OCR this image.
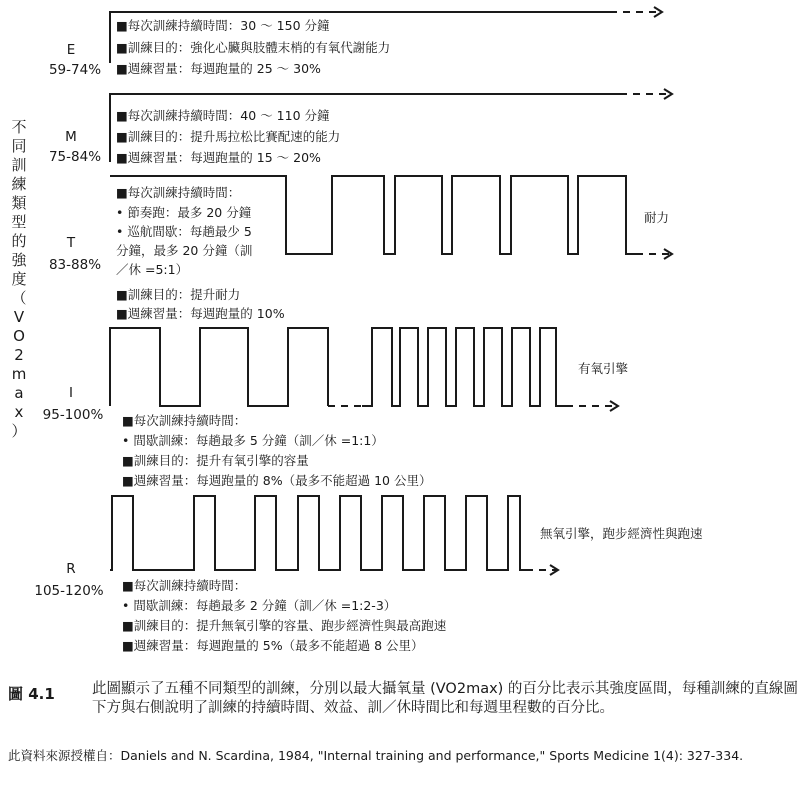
不
同
訓
練
類
型
的
強
度
（
V
O
2
m
a
x
）
E
59-74%
■每次訓練持續時間：30 ～ 150 分鐘
■訓練目的：強化心臟與肢體末梢的有氧代謝能力
■週練習量：每週跑量的 25 ～ 30%
M
75-84%
■每次訓練持續時間：40 ～ 110 分鐘
■訓練目的：提升馬拉松比賽配速的能力
■週練習量：每週跑量的 15 ～ 20%
T
83-88%
■每次訓練持續時間：
• 節奏跑：最多 20 分鐘
• 巡航間歇：每趟最少 5
分鐘，最多 20 分鐘（訓
／休 =5:1）
■訓練目的：提升耐力
■週練習量：每週跑量的 10%
耐力
I
95-100%	■每次訓練持續時間：
• 間歇訓練：每趟最多 5 分鐘（訓／休 =1:1）
■訓練目的：提升有氧引擎的容量
■週練習量：每週跑量的 8%（最多不能超過 10 公里）
有氧引擎
R
105-120% ■每次訓練持續時間：
• 間歇訓練：每趟最多 2 分鐘（訓／休 =1:2-3）
■訓練目的：提升無氧引擎的容量、跑步經濟性與最高跑速
■週練習量：每週跑量的 5%（最多不能超過 8 公里）
無氧引擎，跑步經濟性與跑速
圖 4.1	此圖顯示了五種不同類型的訓練，分別以最大攝氧量 (VO2max) 的百分比表示其強度區間，每種訓練的直線圖下方與右側說明了訓練的持續時間、效益、訓／休時間比和每週里程數的百分比。
此資料來源授權自：Daniels and N. Scardina, 1984, "Internal training and performance," Sports Medicine 1(4): 327-334.
